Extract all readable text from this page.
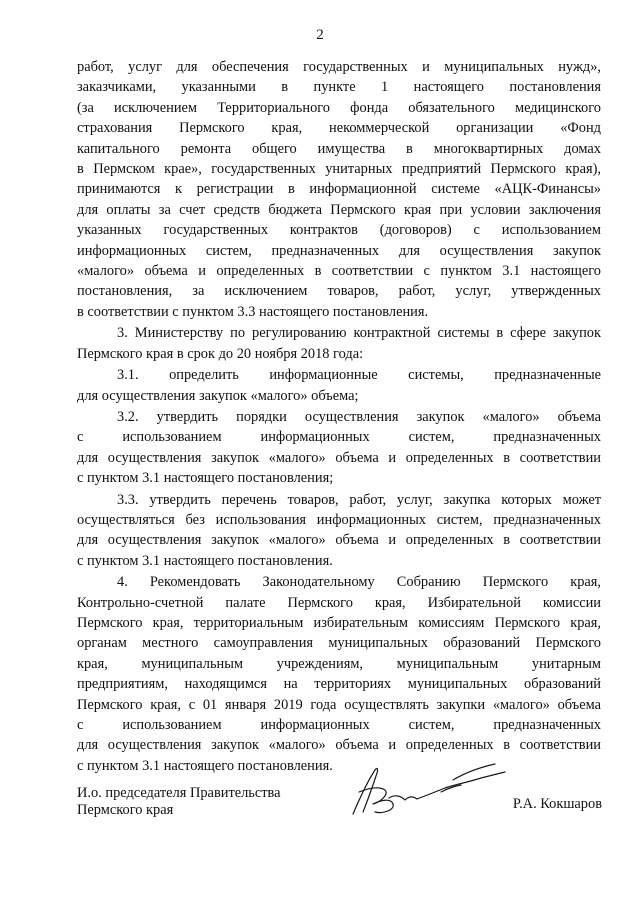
2
работ, услуг для обеспечения государственных и муниципальных нужд»,
заказчиками, указанными в пункте 1 настоящего постановления
(за исключением Территориального фонда обязательного медицинского
страхования Пермского края, некоммерческой организации «Фонд
капитального ремонта общего имущества в многоквартирных домах
в Пермском крае», государственных унитарных предприятий Пермского края),
принимаются к регистрации в информационной системе «АЦК-Финансы»
для оплаты за счет средств бюджета Пермского края при условии заключения
указанных государственных контрактов (договоров) с использованием
информационных систем, предназначенных для осуществления закупок
«малого» объема и определенных в соответствии с пунктом 3.1 настоящего
постановления, за исключением товаров, работ, услуг, утвержденных
в соответствии с пунктом 3.3 настоящего постановления.
3. Министерству по регулированию контрактной системы в сфере закупок
Пермского края в срок до 20 ноября 2018 года:
3.1. определить информационные системы, предназначенные
для осуществления закупок «малого» объема;
3.2. утвердить порядки осуществления закупок «малого» объема
с использованием информационных систем, предназначенных
для осуществления закупок «малого» объема и определенных в соответствии
с пунктом 3.1 настоящего постановления;
3.3. утвердить перечень товаров, работ, услуг, закупка которых может
осуществляться без использования информационных систем, предназначенных
для осуществления закупок «малого» объема и определенных в соответствии
с пунктом 3.1 настоящего постановления.
4. Рекомендовать Законодательному Собранию Пермского края,
Контрольно-счетной палате Пермского края, Избирательной комиссии
Пермского края, территориальным избирательным комиссиям Пермского края,
органам местного самоуправления муниципальных образований Пермского
края, муниципальным учреждениям, муниципальным унитарным
предприятиям, находящимся на территориях муниципальных образований
Пермского края, с 01 января 2019 года осуществлять закупки «малого» объема
с использованием информационных систем, предназначенных
для осуществления закупок «малого» объема и определенных в соответствии
с пунктом 3.1 настоящего постановления.
И.о. председателя Правительства
Пермского края	Р.А. Кокшаров
